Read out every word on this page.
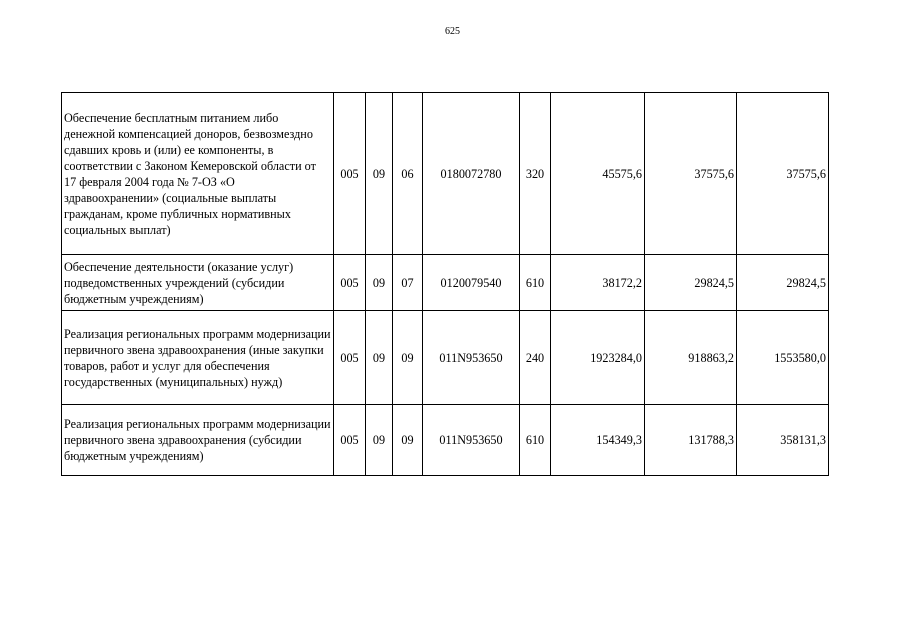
625
Обеспечение бесплатным питанием либо денежной компенсацией доноров, безвозмездно сдавших кровь и (или) ее компоненты, в соответствии с Законом Кемеровской области от 17 февраля 2004 года № 7-ОЗ «О здравоохранении» (социальные выплаты гражданам, кроме публичных нормативных социальных выплат)	005	09	06	0180072780	320	45575,6	37575,6	37575,6
Обеспечение деятельности (оказание услуг) подведомственных учреждений (субсидии бюджетным учреждениям)	005	09	07	0120079540	610	38172,2	29824,5	29824,5
Реализация региональных программ модернизации первичного звена здравоохранения (иные закупки товаров, работ и услуг для обеспечения государственных (муниципальных) нужд)	005	09	09	011N953650	240	1923284,0	918863,2	1553580,0
Реализация региональных программ модернизации первичного звена здравоохранения (субсидии бюджетным учреждениям)	005	09	09	011N953650	610	154349,3	131788,3	358131,3
